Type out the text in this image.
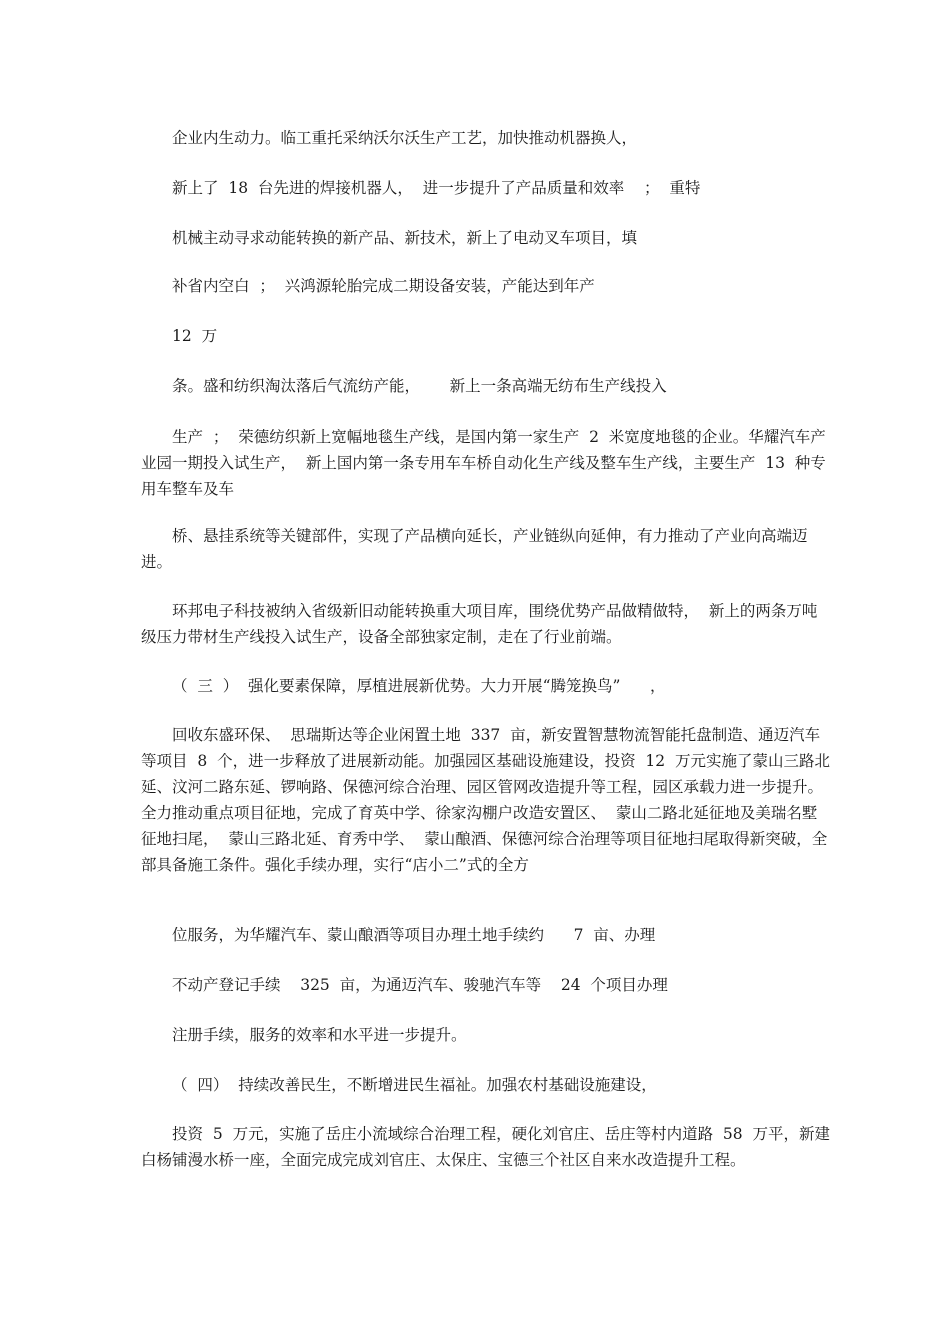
企业内生动力。临工重托采纳沃尔沃生产工艺，加快推动机器换人，

新上了  18  台先进的焊接机器人，  进一步提升了产品质量和效率    ；  重特

机械主动寻求动能转换的新产品、新技术，新上了电动叉车项目，填

补省内空白  ；  兴鸿源轮胎完成二期设备安装，产能达到年产

12  万

条。盛和纺织淘汰落后气流纺产能，      新上一条高端无纺布生产线投入

生产  ；  荣德纺织新上宽幅地毯生产线，是国内第一家生产  2  米宽度地毯的企业。华耀汽车产业园一期投入试生产，  新上国内第一条专用车车桥自动化生产线及整车生产线，主要生产  13  种专用车整车及车

桥、悬挂系统等关键部件，实现了产品横向延长，产业链纵向延伸，有力推动了产业向高端迈进。

环邦电子科技被纳入省级新旧动能转换重大项目库，围绕优势产品做精做特，  新上的两条万吨级压力带材生产线投入试生产，设备全部独家定制，走在了行业前端。

（  三  ）  强化要素保障，厚植进展新优势。大力开展“腾笼换鸟”      ，

回收东盛环保、  思瑞斯达等企业闲置土地  337  亩，新安置智慧物流智能托盘制造、通迈汽车等项目  8  个，进一步释放了进展新动能。加强园区基础设施建设，投资  12  万元实施了蒙山三路北延、汶河二路东延、锣响路、保德河综合治理、园区管网改造提升等工程，园区承载力进一步提升。全力推动重点项目征地，完成了育英中学、徐家沟棚户改造安置区、  蒙山二路北延征地及美瑞名墅征地扫尾，  蒙山三路北延、育秀中学、  蒙山酿酒、保德河综合治理等项目征地扫尾取得新突破，全部具备施工条件。强化手续办理，实行“店小二”式的全方

位服务，为华耀汽车、蒙山酿酒等项目办理土地手续约      7  亩、办理

不动产登记手续    325  亩，为通迈汽车、骏驰汽车等    24  个项目办理

注册手续，服务的效率和水平进一步提升。

（  四）  持续改善民生，不断增进民生福祉。加强农村基础设施建设，

投资  5  万元，实施了岳庄小流域综合治理工程，硬化刘官庄、岳庄等村内道路  58  万平，新建白杨铺漫水桥一座，全面完成完成刘官庄、太保庄、宝德三个社区自来水改造提升工程。
